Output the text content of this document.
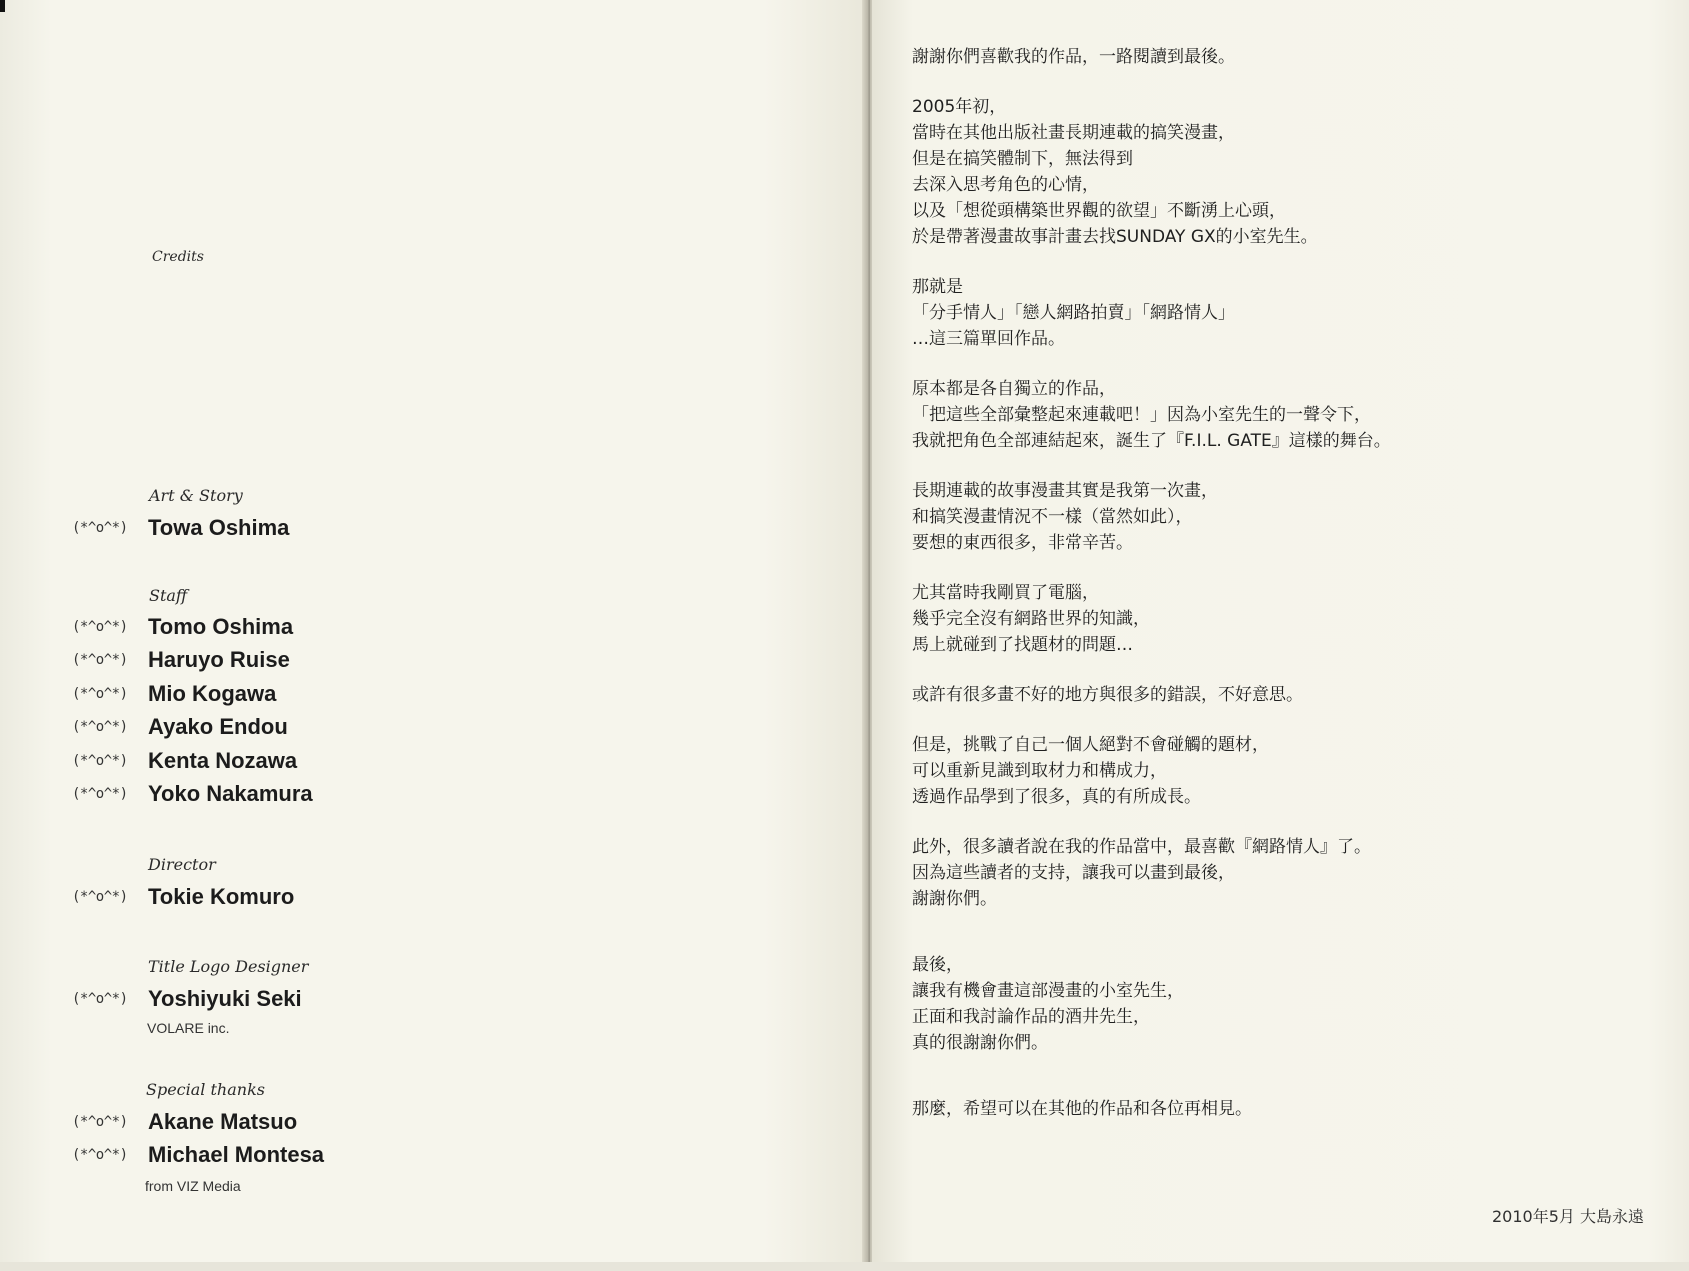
Credits
Art & Story
(*^o^*) Towa Oshima
Staff
(*^o^*) Tomo Oshima
(*^o^*) Haruyo Ruise
(*^o^*) Mio Kogawa
(*^o^*) Ayako Endou
(*^o^*) Kenta Nozawa
(*^o^*) Yoko Nakamura
Director
(*^o^*) Tokie Komuro
Title Logo Designer
(*^o^*) Yoshiyuki Seki
VOLARE inc.
Special thanks
(*^o^*) Akane Matsuo
(*^o^*) Michael Montesa
from VIZ Media

謝謝你們喜歡我的作品，一路閱讀到最後。

2005年初，
當時在其他出版社畫長期連載的搞笑漫畫，
但是在搞笑體制下，無法得到
去深入思考角色的心情，
以及「想從頭構築世界觀的欲望」不斷湧上心頭，
於是帶著漫畫故事計畫去找SUNDAY GX的小室先生。

那就是
「分手情人」「戀人網路拍賣」「網路情人」
…這三篇單回作品。

原本都是各自獨立的作品，
「把這些全部彙整起來連載吧！」因為小室先生的一聲令下，
我就把角色全部連結起來，誕生了『F.I.L. GATE』這樣的舞台。

長期連載的故事漫畫其實是我第一次畫，
和搞笑漫畫情況不一樣（當然如此），
要想的東西很多，非常辛苦。

尤其當時我剛買了電腦，
幾乎完全沒有網路世界的知識，
馬上就碰到了找題材的問題…

或許有很多畫不好的地方與很多的錯誤，不好意思。

但是，挑戰了自己一個人絕對不會碰觸的題材，
可以重新見識到取材力和構成力，
透過作品學到了很多，真的有所成長。

此外，很多讀者說在我的作品當中，最喜歡『網路情人』了。
因為這些讀者的支持，讓我可以畫到最後，
謝謝你們。

最後，
讓我有機會畫這部漫畫的小室先生，
正面和我討論作品的酒井先生，
真的很謝謝你們。

那麼，希望可以在其他的作品和各位再相見。

2010年5月 大島永遠
